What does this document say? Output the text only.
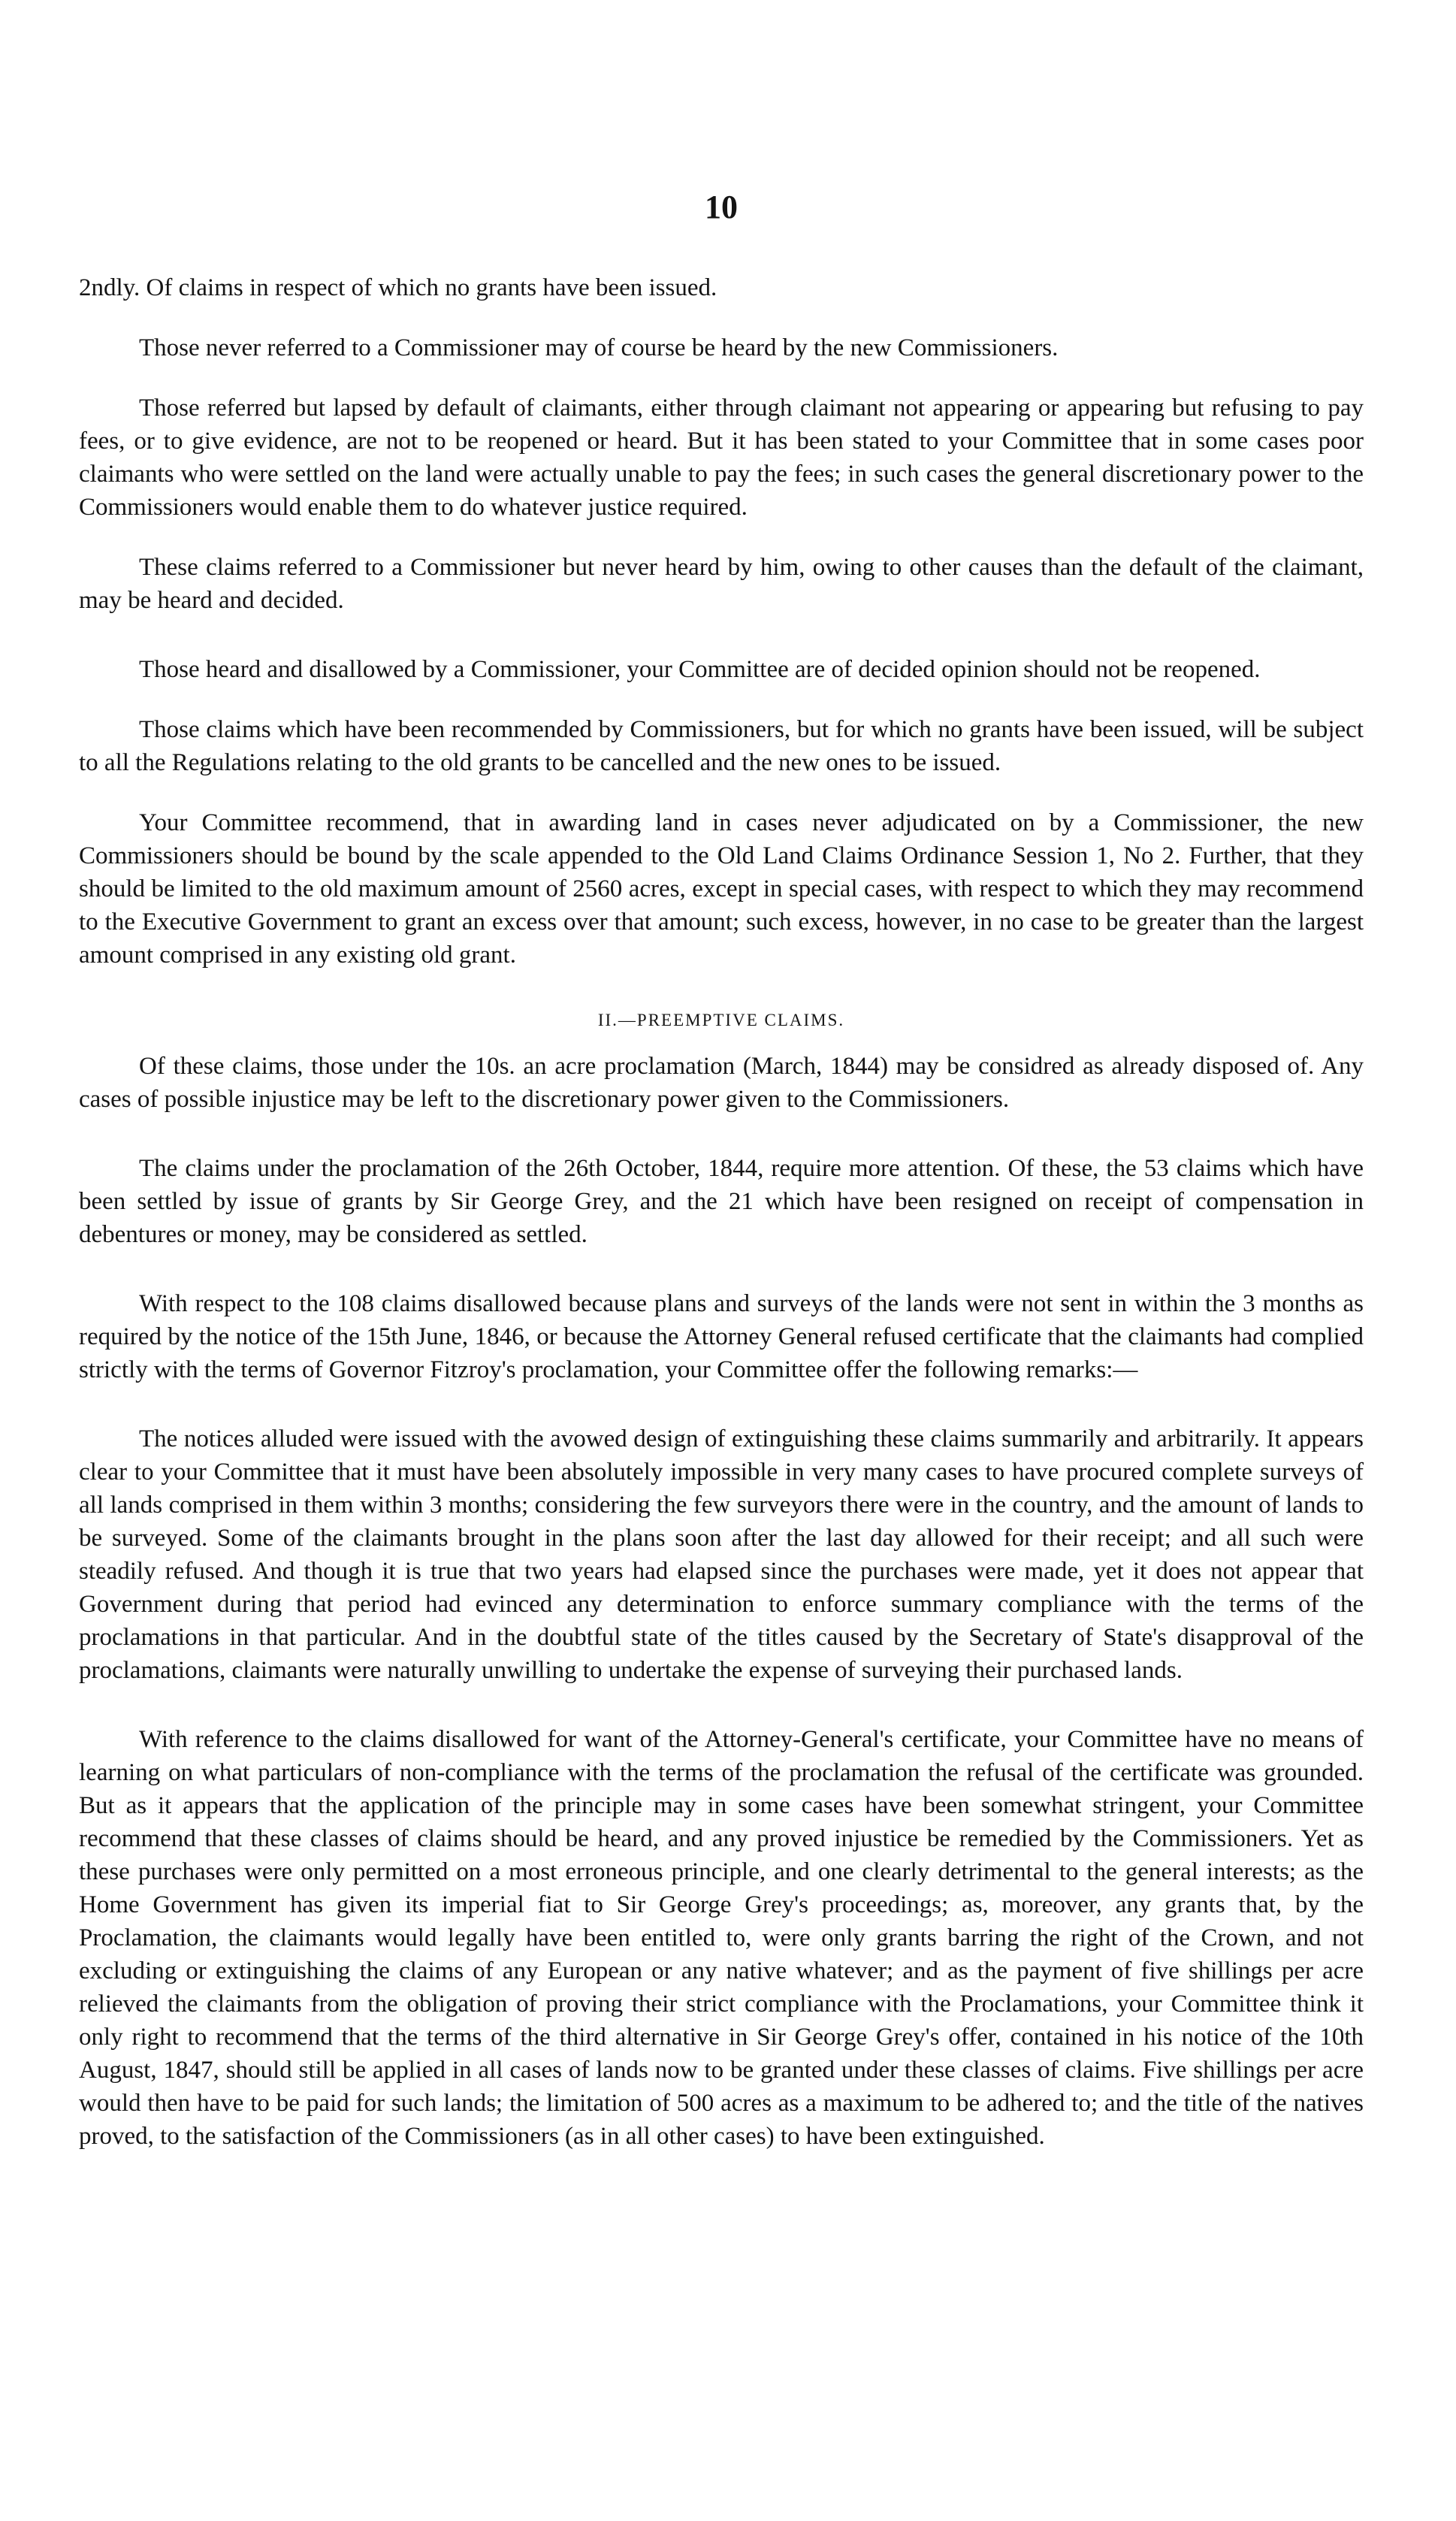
10

2ndly. Of claims in respect of which no grants have been issued.

Those never referred to a Commissioner may of course be heard by the new Commissioners.

Those referred but lapsed by default of claimants, either through claimant not appearing or appearing but refusing to pay fees, or to give evidence, are not to be reopened or heard. But it has been stated to your Committee that in some cases poor claimants who were settled on the land were actually unable to pay the fees; in such cases the general discretionary power to the Commissioners would enable them to do whatever justice required.

These claims referred to a Commissioner but never heard by him, owing to other causes than the default of the claimant, may be heard and decided.

Those heard and disallowed by a Commissioner, your Committee are of decided opinion should not be reopened.

Those claims which have been recommended by Commissioners, but for which no grants have been issued, will be subject to all the Regulations relating to the old grants to be cancelled and the new ones to be issued.

Your Committee recommend, that in awarding land in cases never adjudicated on by a Commissioner, the new Commissioners should be bound by the scale appended to the Old Land Claims Ordinance Session 1, No 2. Further, that they should be limited to the old maximum amount of 2560 acres, except in special cases, with respect to which they may recommend to the Executive Government to grant an excess over that amount; such excess, however, in no case to be greater than the largest amount comprised in any existing old grant.

II.—PREEMPTIVE CLAIMS.

Of these claims, those under the 10s. an acre proclamation (March, 1844) may be considred as already disposed of. Any cases of possible injustice may be left to the discretionary power given to the Commissioners.

The claims under the proclamation of the 26th October, 1844, require more attention. Of these, the 53 claims which have been settled by issue of grants by Sir George Grey, and the 21 which have been resigned on receipt of compensation in debentures or money, may be considered as settled.

With respect to the 108 claims disallowed because plans and surveys of the lands were not sent in within the 3 months as required by the notice of the 15th June, 1846, or because the Attorney General refused certificate that the claimants had complied strictly with the terms of Governor Fitzroy's proclamation, your Committee offer the following remarks:—

The notices alluded were issued with the avowed design of extinguishing these claims summarily and arbitrarily. It appears clear to your Committee that it must have been absolutely impossible in very many cases to have procured complete surveys of all lands comprised in them within 3 months; considering the few surveyors there were in the country, and the amount of lands to be surveyed. Some of the claimants brought in the plans soon after the last day allowed for their receipt; and all such were steadily refused. And though it is true that two years had elapsed since the purchases were made, yet it does not appear that Government during that period had evinced any determination to enforce summary compliance with the terms of the proclamations in that particular. And in the doubtful state of the titles caused by the Secretary of State's disapproval of the proclamations, claimants were naturally unwilling to undertake the expense of surveying their purchased lands.

With reference to the claims disallowed for want of the Attorney-General's certificate, your Committee have no means of learning on what particulars of non-compliance with the terms of the proclamation the refusal of the certificate was grounded. But as it appears that the application of the principle may in some cases have been somewhat stringent, your Committee recommend that these classes of claims should be heard, and any proved injustice be remedied by the Commissioners. Yet as these purchases were only permitted on a most erroneous principle, and one clearly detrimental to the general interests; as the Home Government has given its imperial fiat to Sir George Grey's proceedings; as, moreover, any grants that, by the Proclamation, the claimants would legally have been entitled to, were only grants barring the right of the Crown, and not excluding or extinguishing the claims of any European or any native whatever; and as the payment of five shillings per acre relieved the claimants from the obligation of proving their strict compliance with the Proclamations, your Committee think it only right to recommend that the terms of the third alternative in Sir George Grey's offer, contained in his notice of the 10th August, 1847, should still be applied in all cases of lands now to be granted under these classes of claims. Five shillings per acre would then have to be paid for such lands; the limitation of 500 acres as a maximum to be adhered to; and the title of the natives proved, to the satisfaction of the Commissioners (as in all other cases) to have been extinguished.
